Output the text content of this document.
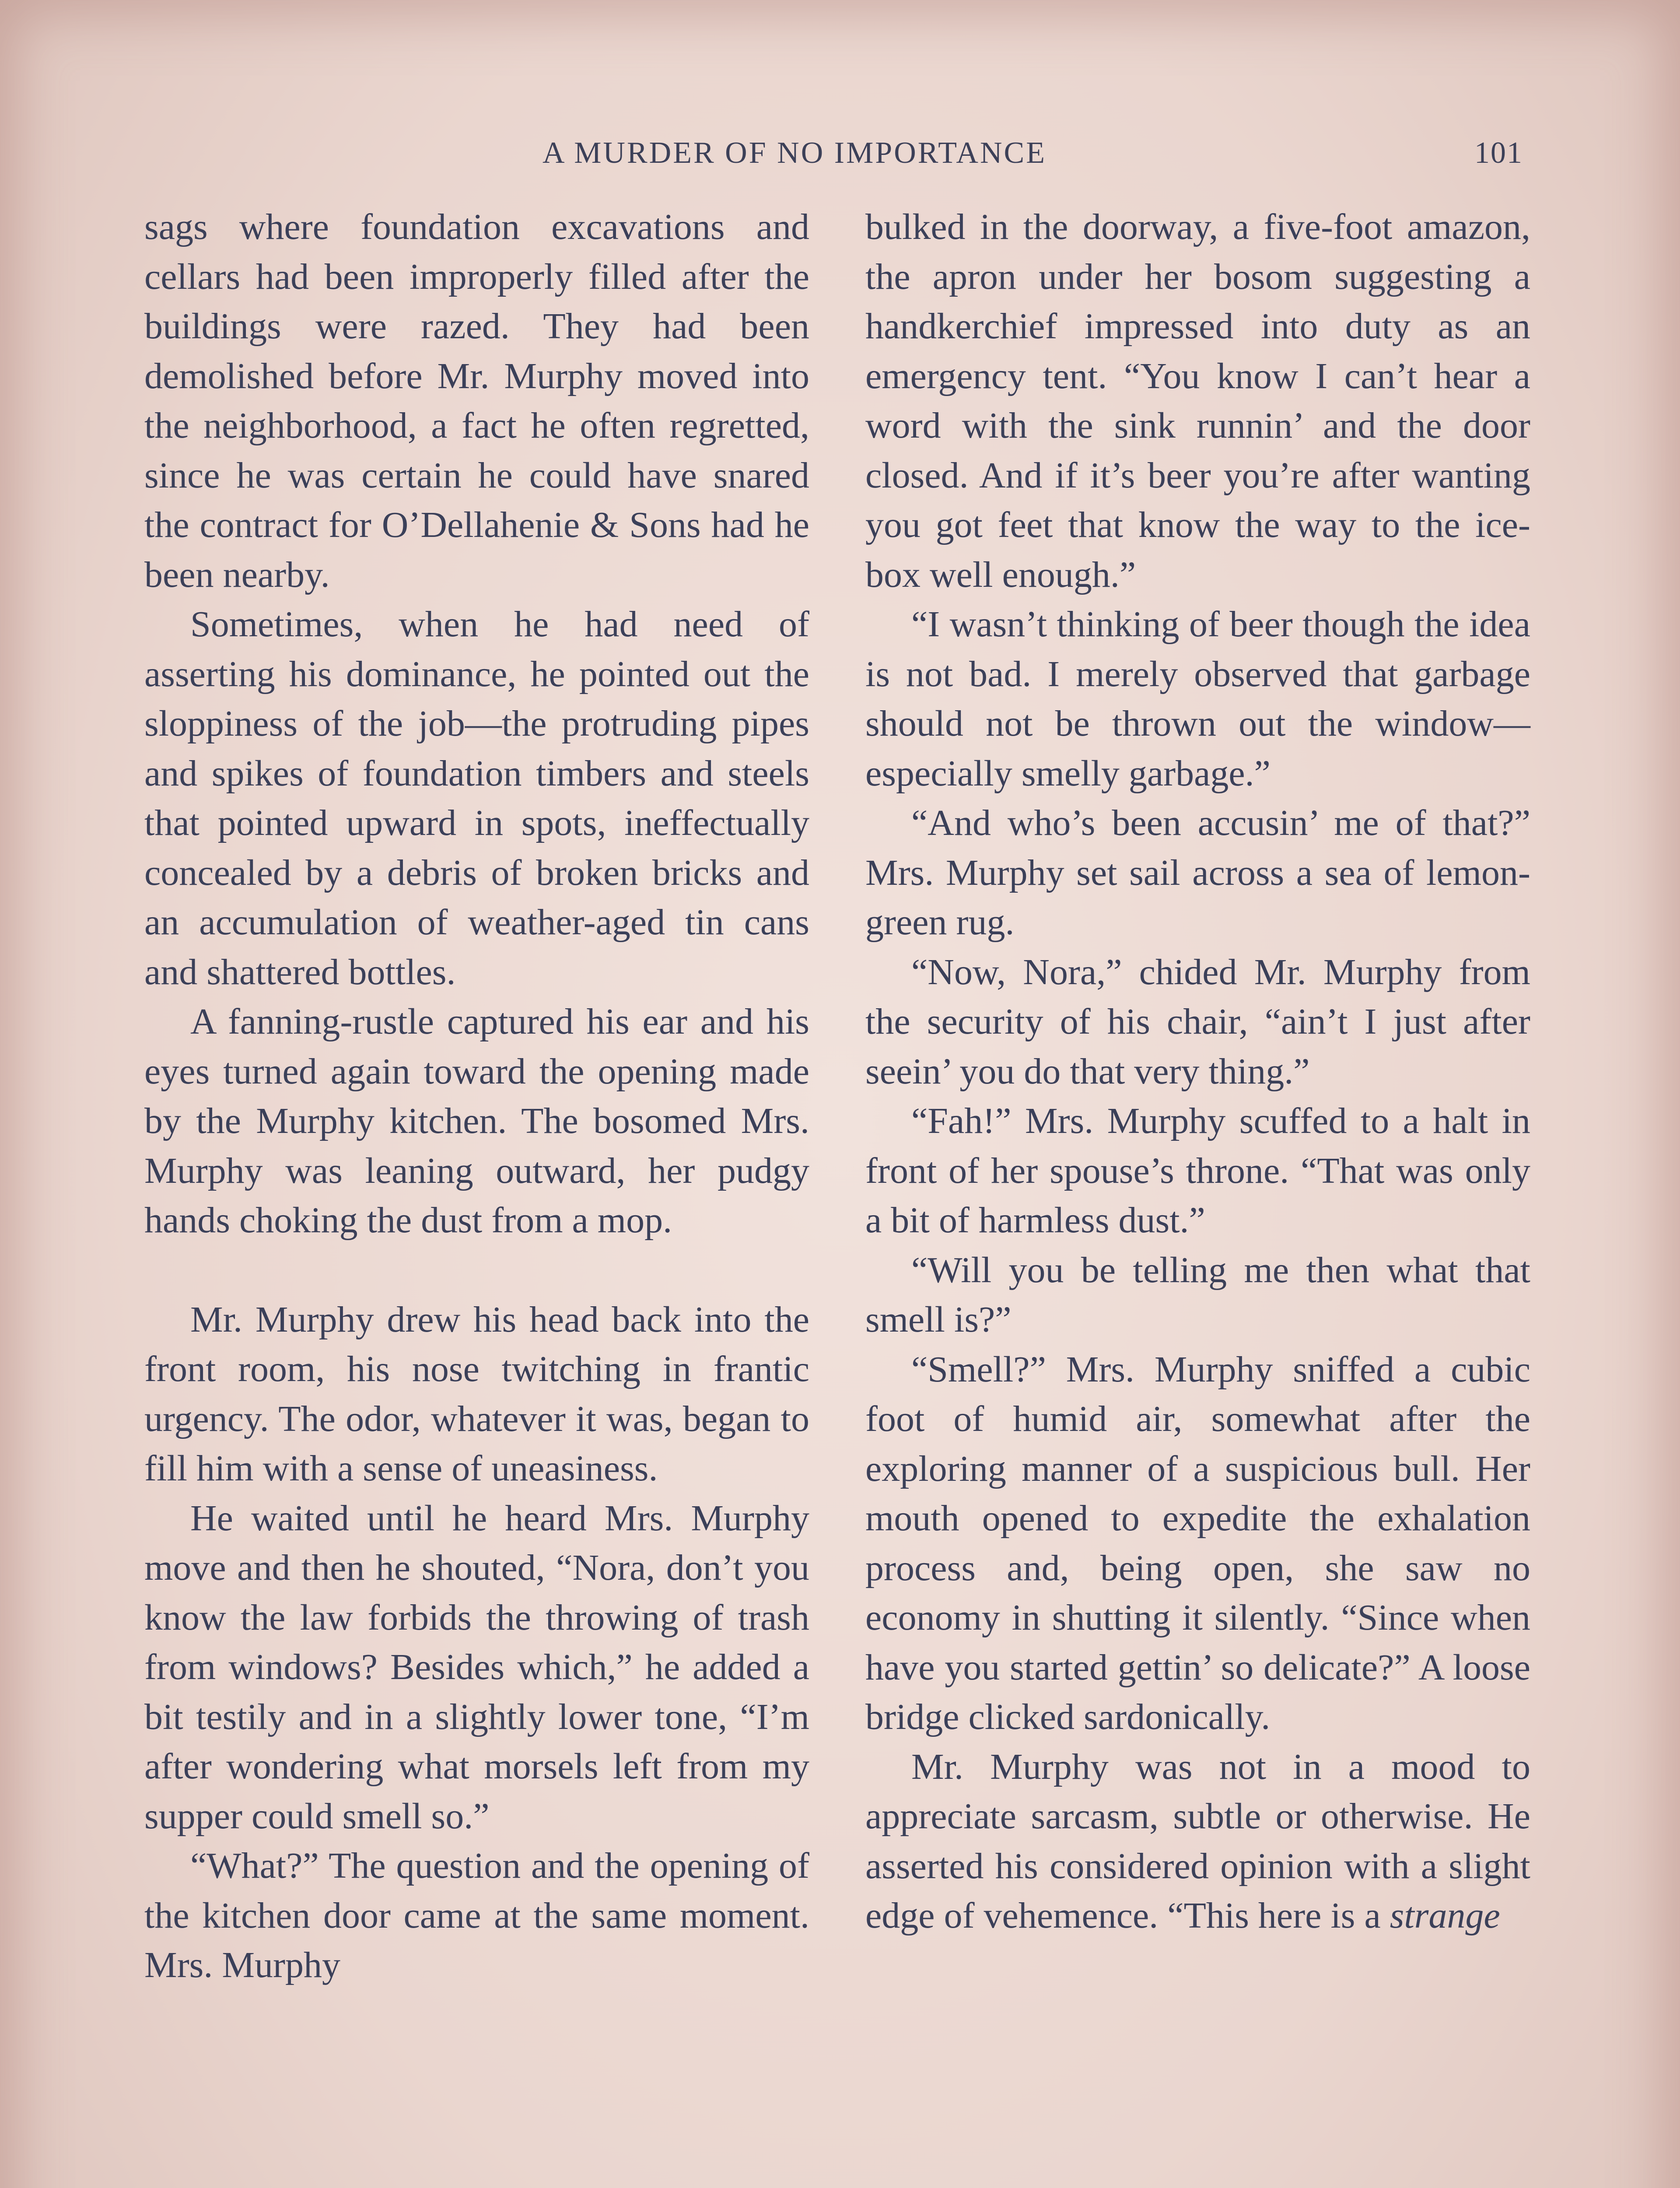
A MURDER OF NO IMPORTANCE	101

sags where foundation excavations and cellars had been improperly filled after the buildings were razed. They had been demolished before Mr. Murphy moved into the neighborhood, a fact he often regretted, since he was certain he could have snared the contract for O’Dellahenie & Sons had he been nearby.

Sometimes, when he had need of asserting his dominance, he pointed out the sloppiness of the job—the protruding pipes and spikes of foundation timbers and steels that pointed upward in spots, ineffectually concealed by a debris of broken bricks and an accumulation of weather-aged tin cans and shattered bottles.

A fanning-rustle captured his ear and his eyes turned again toward the opening made by the Murphy kitchen. The bosomed Mrs. Murphy was leaning outward, her pudgy hands choking the dust from a mop.

Mr. Murphy drew his head back into the front room, his nose twitching in frantic urgency. The odor, whatever it was, began to fill him with a sense of uneasiness.

He waited until he heard Mrs. Murphy move and then he shouted, “Nora, don’t you know the law forbids the throwing of trash from windows? Besides which,” he added a bit testily and in a slightly lower tone, “I’m after wondering what morsels left from my supper could smell so.”

“What?” The question and the opening of the kitchen door came at the same moment. Mrs. Murphy

bulked in the doorway, a five-foot amazon, the apron under her bosom suggesting a handkerchief impressed into duty as an emergency tent. “You know I can’t hear a word with the sink runnin’ and the door closed. And if it’s beer you’re after wanting you got feet that know the way to the ice-box well enough.”

“I wasn’t thinking of beer though the idea is not bad. I merely observed that garbage should not be thrown out the window—especially smelly garbage.”

“And who’s been accusin’ me of that?” Mrs. Murphy set sail across a sea of lemon-green rug.

“Now, Nora,” chided Mr. Murphy from the security of his chair, “ain’t I just after seein’ you do that very thing.”

“Fah!” Mrs. Murphy scuffed to a halt in front of her spouse’s throne. “That was only a bit of harmless dust.”

“Will you be telling me then what that smell is?”

“Smell?” Mrs. Murphy sniffed a cubic foot of humid air, somewhat after the exploring manner of a suspicious bull. Her mouth opened to expedite the exhalation process and, being open, she saw no economy in shutting it silently. “Since when have you started gettin’ so delicate?” A loose bridge clicked sardonically.

Mr. Murphy was not in a mood to appreciate sarcasm, subtle or otherwise. He asserted his considered opinion with a slight edge of vehemence. “This here is a strange
